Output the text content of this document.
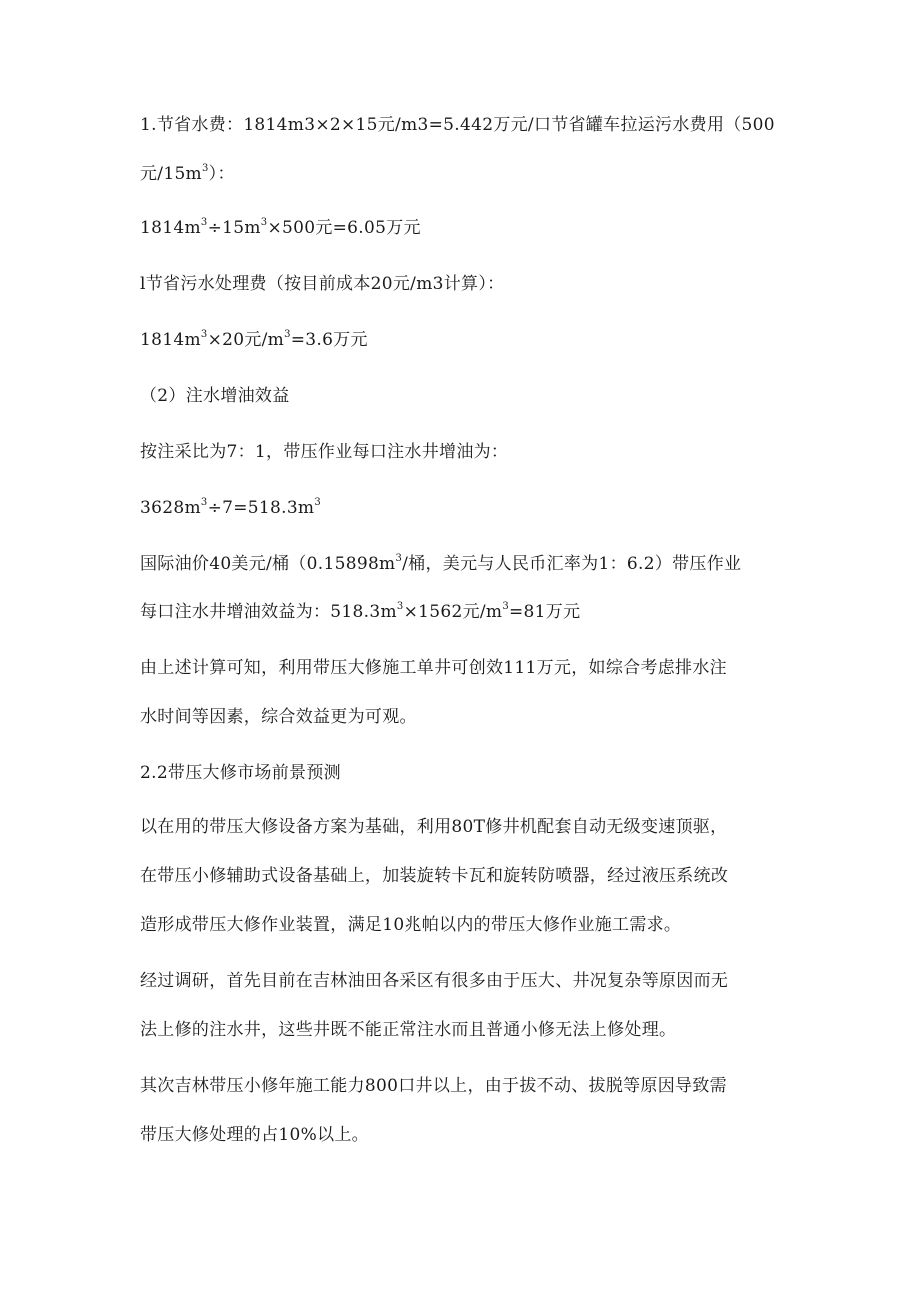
1.节省水费：1814m3×2×15元/m3=5.442万元/口节省罐车拉运污水费用（500
元$/15m^3$）：
$1814m^3\div 15m^3\times 500$元=6.05万元
l节省污水处理费（按目前成本20元/m3计算）：
$1814m^3\times 20$元$/m^3=3.6$万元
（2）注水增油效益
按注采比为7：1，带压作业每口注水井增油为：
$3628m^3\div 7=518.3m^3$
国际油价40美元/桶（$0.15898m^3/$桶，美元与人民币汇率为1：6.2）带压作业
每口注水井增油效益为：$518.3m^3\times 1562$元$/m^3=81$万元
由上述计算可知，利用带压大修施工单井可创效111万元，如综合考虑排水注
水时间等因素，综合效益更为可观。
2.2带压大修市场前景预测
以在用的带压大修设备方案为基础，利用80T修井机配套自动无级变速顶驱，
在带压小修辅助式设备基础上，加装旋转卡瓦和旋转防喷器，经过液压系统改
造形成带压大修作业装置，满足10兆帕以内的带压大修作业施工需求。
经过调研，首先目前在吉林油田各采区有很多由于压大、井况复杂等原因而无
法上修的注水井，这些井既不能正常注水而且普通小修无法上修处理。
其次吉林带压小修年施工能力800口井以上，由于拔不动、拔脱等原因导致需
带压大修处理的占10%以上。
